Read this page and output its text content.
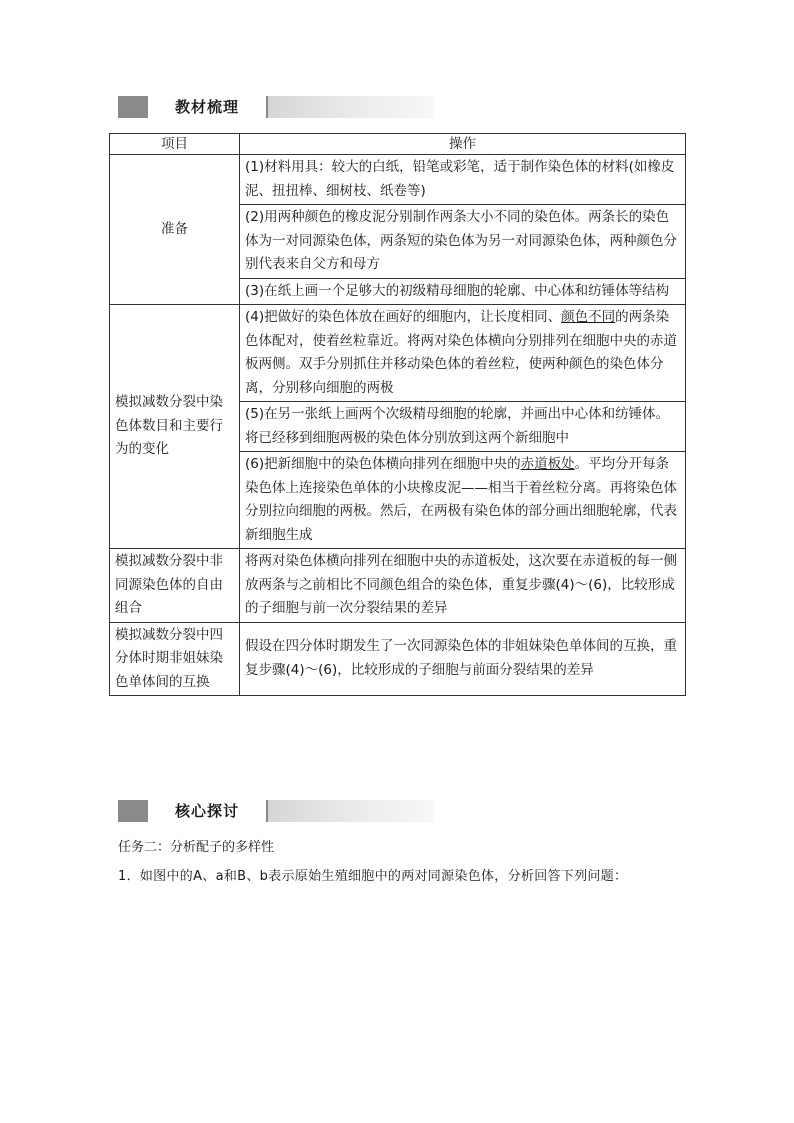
教材梳理
项目	操作
准备	(1)材料用具：较大的白纸，铅笔或彩笔，适于制作染色体的材料(如橡皮泥、扭扭棒、细树枝、纸卷等)
	(2)用两种颜色的橡皮泥分别制作两条大小不同的染色体。两条长的染色体为一对同源染色体，两条短的染色体为另一对同源染色体，两种颜色分别代表来自父方和母方
	(3)在纸上画一个足够大的初级精母细胞的轮廓、中心体和纺锤体等结构
模拟减数分裂中染色体数目和主要行为的变化	(4)把做好的染色体放在画好的细胞内，让长度相同、颜色不同的两条染色体配对，使着丝粒靠近。将两对染色体横向分别排列在细胞中央的赤道板两侧。双手分别抓住并移动染色体的着丝粒，使两种颜色的染色体分离，分别移向细胞的两极
	(5)在另一张纸上画两个次级精母细胞的轮廓，并画出中心体和纺锤体。将已经移到细胞两极的染色体分别放到这两个新细胞中
	(6)把新细胞中的染色体横向排列在细胞中央的赤道板处。平均分开每条染色体上连接染色单体的小块橡皮泥——相当于着丝粒分离。再将染色体分别拉向细胞的两极。然后，在两极有染色体的部分画出细胞轮廓，代表新细胞生成
模拟减数分裂中非同源染色体的自由组合	将两对染色体横向排列在细胞中央的赤道板处，这次要在赤道板的每一侧放两条与之前相比不同颜色组合的染色体，重复步骤(4)～(6)，比较形成的子细胞与前一次分裂结果的差异
模拟减数分裂中四分体时期非姐妹染色单体间的互换	假设在四分体时期发生了一次同源染色体的非姐妹染色单体间的互换，重复步骤(4)～(6)，比较形成的子细胞与前面分裂结果的差异
核心探讨
任务二：分析配子的多样性
1．如图中的A、a和B、b表示原始生殖细胞中的两对同源染色体，分析回答下列问题：
